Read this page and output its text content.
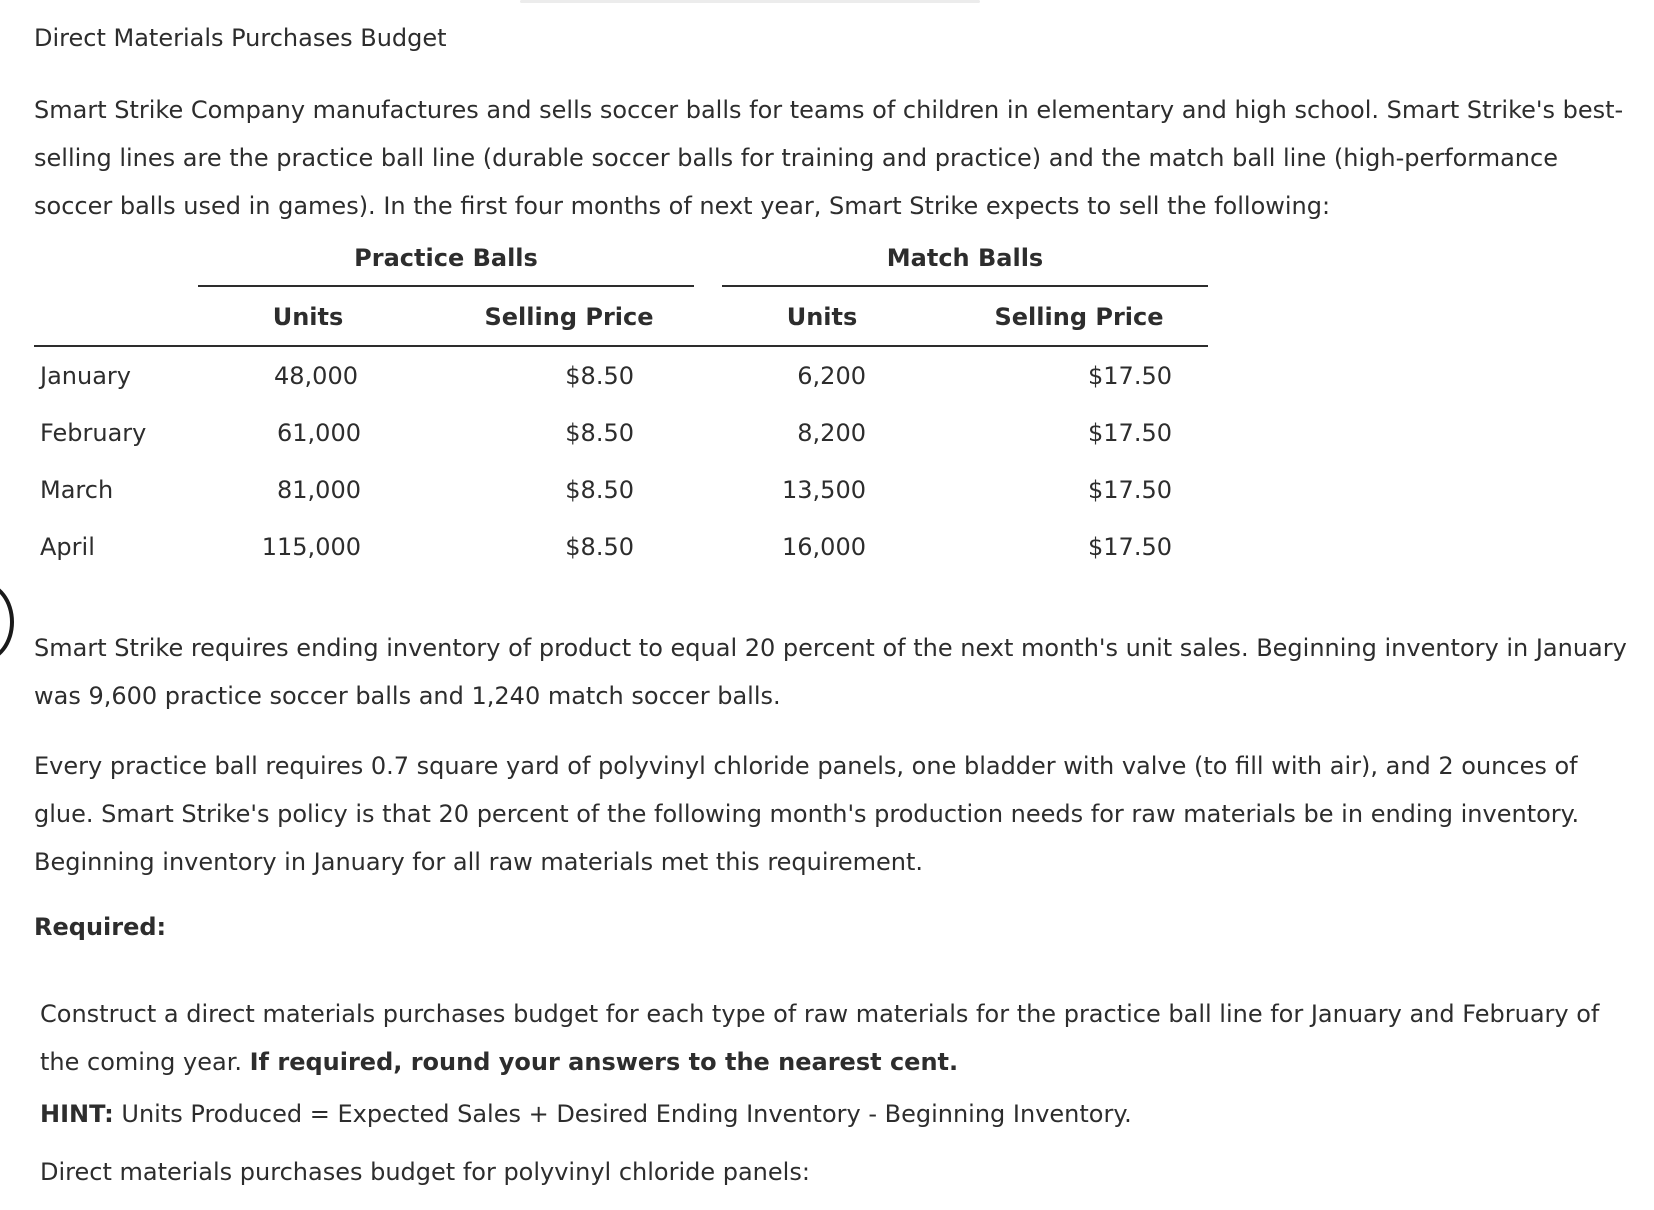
Direct Materials Purchases Budget

Smart Strike Company manufactures and sells soccer balls for teams of children in elementary and high school. Smart Strike's best-selling lines are the practice ball line (durable soccer balls for training and practice) and the match ball line (high-performance soccer balls used in games). In the first four months of next year, Smart Strike expects to sell the following:

Practice Balls	Match Balls
Units	Selling Price	Units	Selling Price
January	48,000	$8.50	6,200	$17.50
February	61,000	$8.50	8,200	$17.50
March	81,000	$8.50	13,500	$17.50
April	115,000	$8.50	16,000	$17.50

Smart Strike requires ending inventory of product to equal 20 percent of the next month's unit sales. Beginning inventory in January was 9,600 practice soccer balls and 1,240 match soccer balls.

Every practice ball requires 0.7 square yard of polyvinyl chloride panels, one bladder with valve (to fill with air), and 2 ounces of glue. Smart Strike's policy is that 20 percent of the following month's production needs for raw materials be in ending inventory. Beginning inventory in January for all raw materials met this requirement.

Required:

Construct a direct materials purchases budget for each type of raw materials for the practice ball line for January and February of the coming year. If required, round your answers to the nearest cent.

HINT: Units Produced = Expected Sales + Desired Ending Inventory - Beginning Inventory.
Direct materials purchases budget for polyvinyl chloride panels:
